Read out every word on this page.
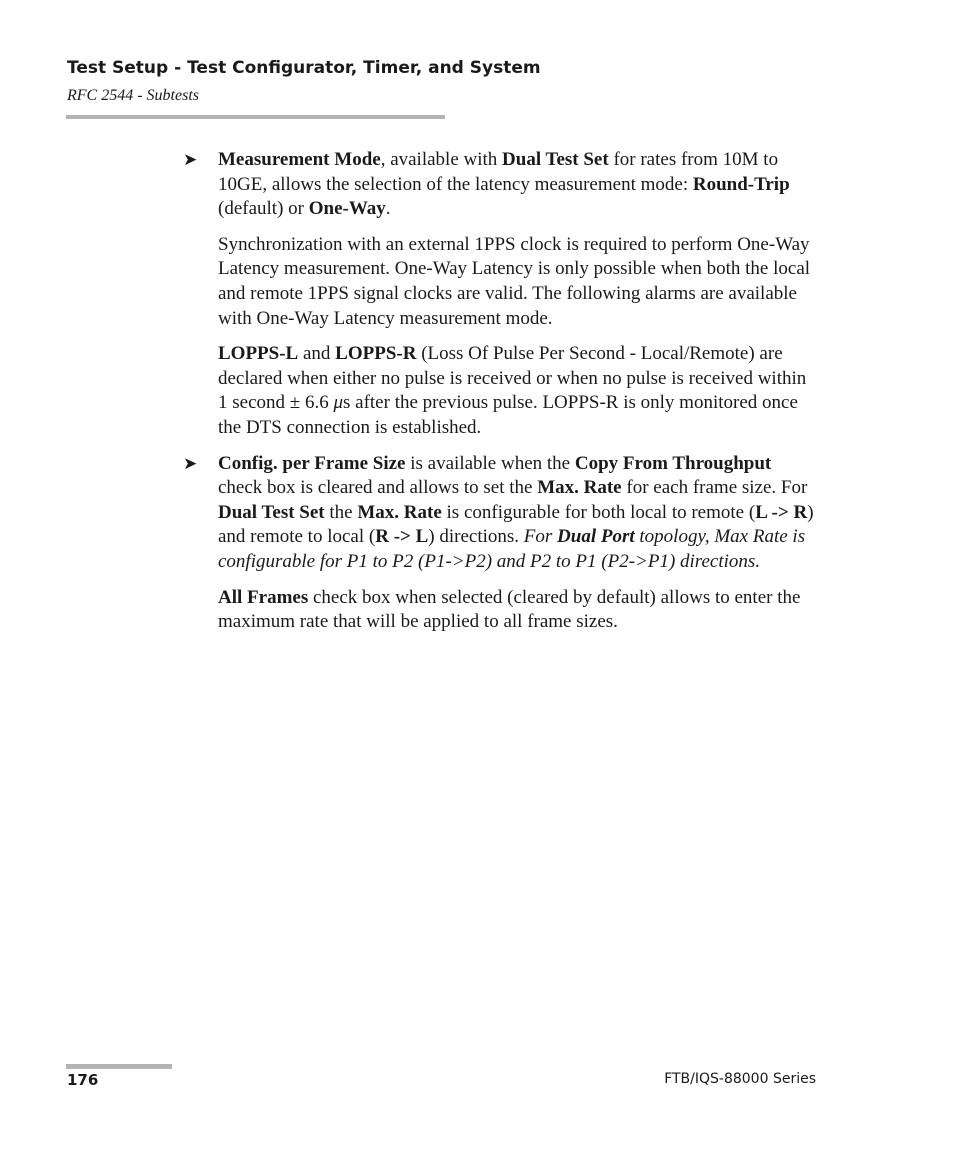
Test Setup - Test Configurator, Timer, and System
RFC 2544 - Subtests

➤ Measurement Mode, available with Dual Test Set for rates from 10M to 10GE, allows the selection of the latency measurement mode: Round-Trip (default) or One-Way.

Synchronization with an external 1PPS clock is required to perform One-Way Latency measurement. One-Way Latency is only possible when both the local and remote 1PPS signal clocks are valid. The following alarms are available with One-Way Latency measurement mode.

LOPPS-L and LOPPS-R (Loss Of Pulse Per Second - Local/Remote) are declared when either no pulse is received or when no pulse is received within 1 second ± 6.6 μs after the previous pulse. LOPPS-R is only monitored once the DTS connection is established.

➤ Config. per Frame Size is available when the Copy From Throughput check box is cleared and allows to set the Max. Rate for each frame size. For Dual Test Set the Max. Rate is configurable for both local to remote (L -> R) and remote to local (R -> L) directions. For Dual Port topology, Max Rate is configurable for P1 to P2 (P1->P2) and P2 to P1 (P2->P1) directions.

All Frames check box when selected (cleared by default) allows to enter the maximum rate that will be applied to all frame sizes.

176	FTB/IQS-88000 Series
